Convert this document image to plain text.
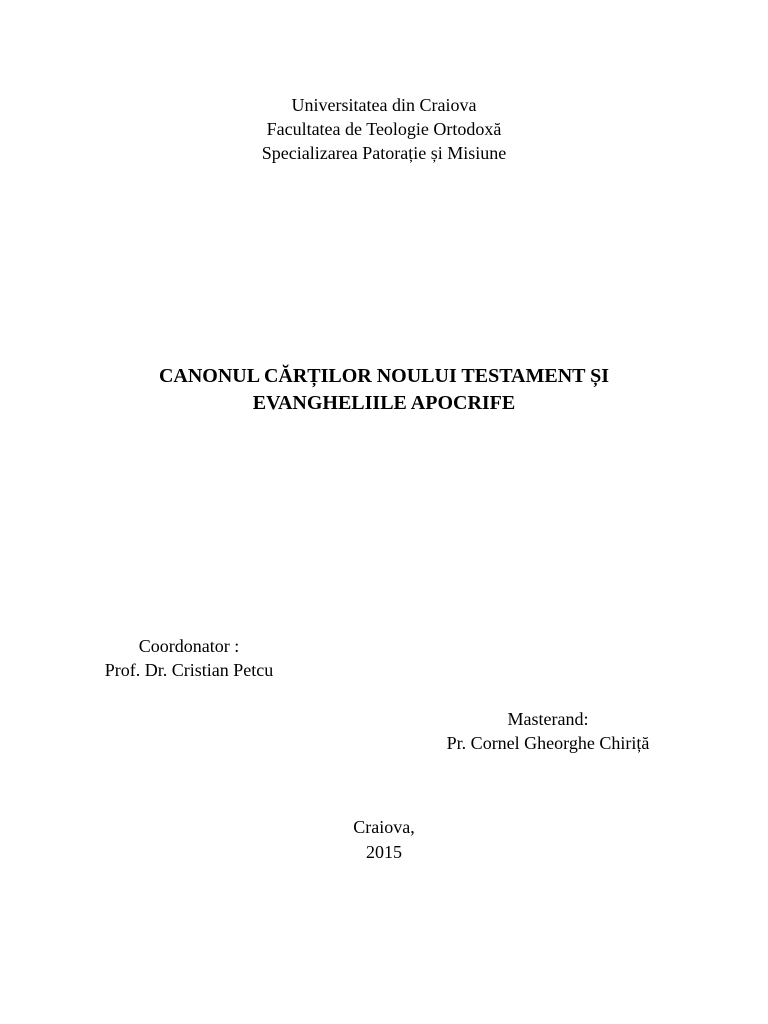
Universitatea din Craiova
Facultatea de Teologie Ortodoxă
Specializarea Patorație și Misiune
CANONUL CĂRȚILOR NOULUI TESTAMENT ȘI
EVANGHELIILE APOCRIFE
Coordonator :
Prof. Dr. Cristian Petcu
Masterand:
Pr. Cornel Gheorghe Chiriță
Craiova,
2015
